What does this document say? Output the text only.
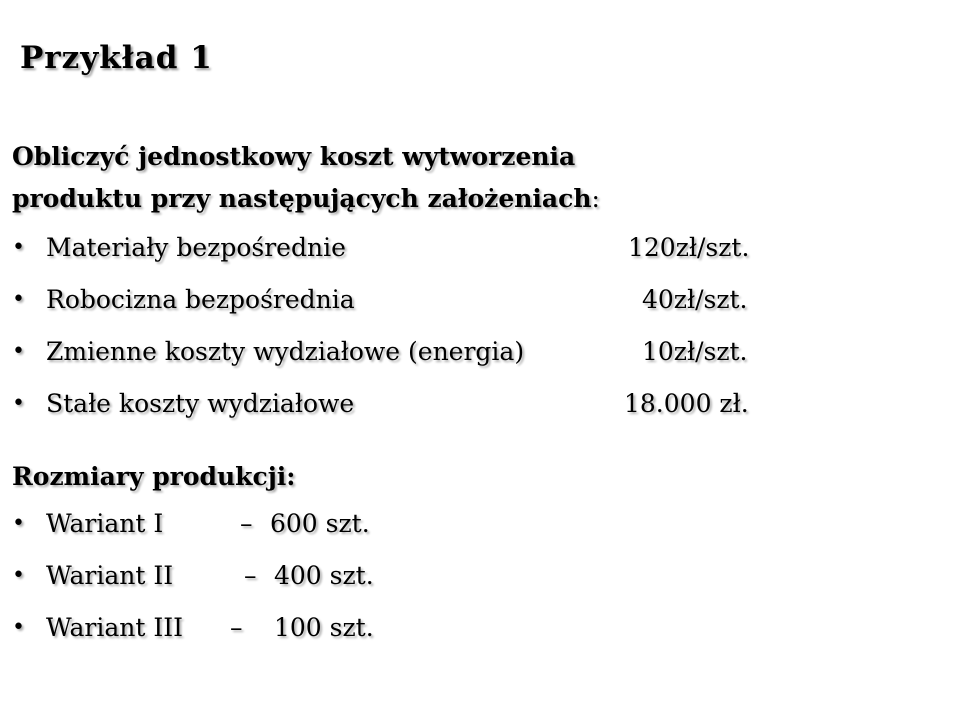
Przykład 1
Obliczyć jednostkowy koszt wytworzenia
produktu przy następujących założeniach:
• Materiały bezpośrednie	120zł/szt.
• Robocizna bezpośrednia	40zł/szt.
• Zmienne koszty wydziałowe (energia)	10zł/szt.
• Stałe koszty wydziałowe	18.000 zł.
Rozmiary produkcji:
• Wariant I	– 600 szt.
• Wariant II	– 400 szt.
• Wariant III – 100 szt.
